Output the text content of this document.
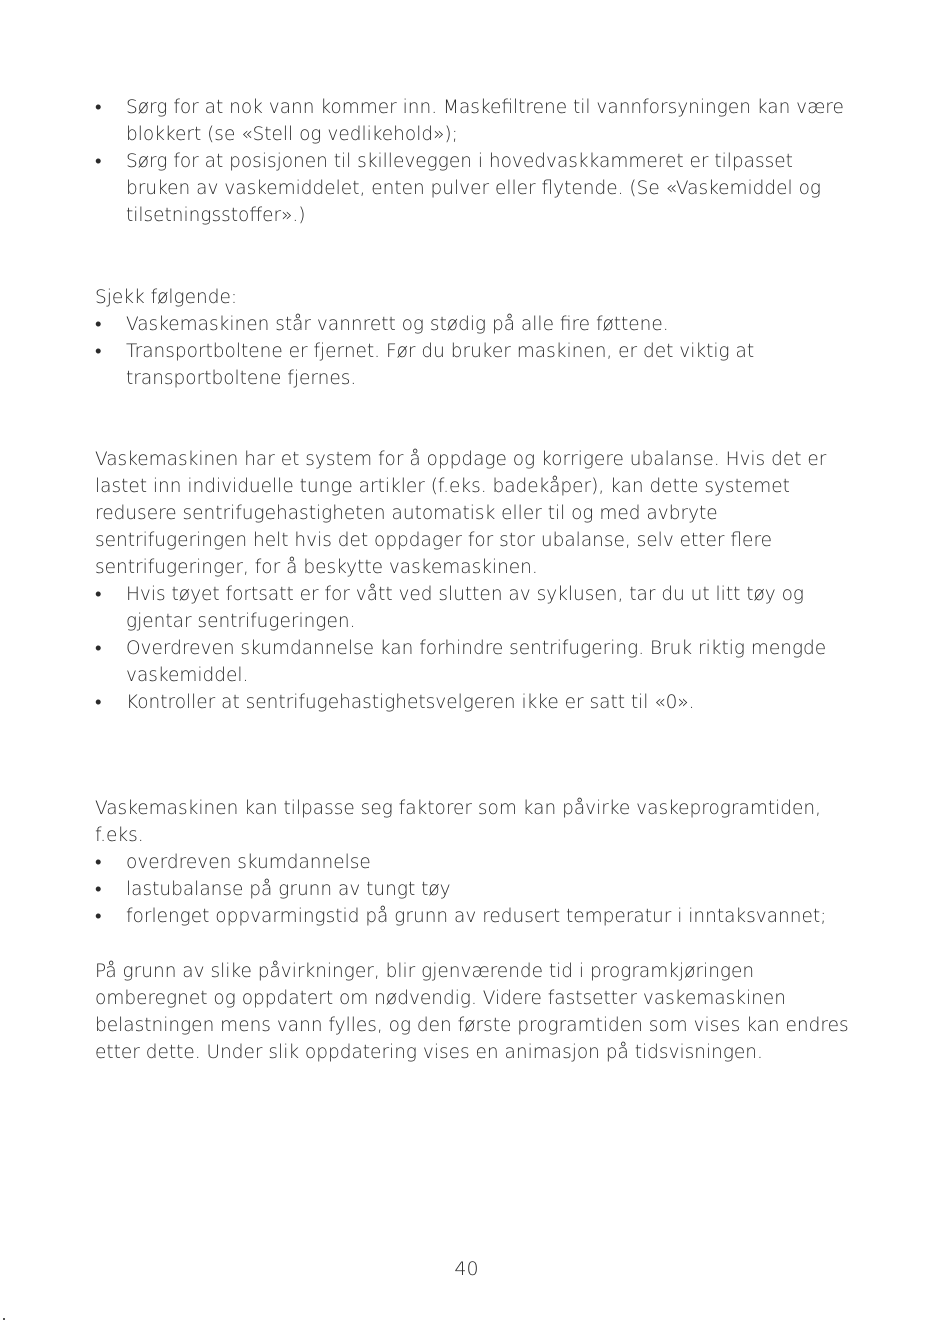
• Sørg for at nok vann kommer inn. Maskefiltrene til vannforsyningen kan være
blokkert (se «Stell og vedlikehold»);
• Sørg for at posisjonen til skilleveggen i hovedvaskkammeret er tilpasset
bruken av vaskemiddelet, enten pulver eller flytende. (Se «Vaskemiddel og
tilsetningsstoffer».)

Sjekk følgende:

• Vaskemaskinen står vannrett og stødig på alle fire føttene.
• Transportboltene er fjernet. Før du bruker maskinen, er det viktig at
transportboltene fjernes.

Vaskemaskinen har et system for å oppdage og korrigere ubalanse. Hvis det er
lastet inn individuelle tunge artikler (f.eks. badekåper), kan dette systemet
redusere sentrifugehastigheten automatisk eller til og med avbryte
sentrifugeringen helt hvis det oppdager for stor ubalanse, selv etter flere
sentrifugeringer, for å beskytte vaskemaskinen.

• Hvis tøyet fortsatt er for vått ved slutten av syklusen, tar du ut litt tøy og
gjentar sentrifugeringen.
• Overdreven skumdannelse kan forhindre sentrifugering. Bruk riktig mengde
vaskemiddel.
• Kontroller at sentrifugehastighetsvelgeren ikke er satt til «0».

Vaskemaskinen kan tilpasse seg faktorer som kan påvirke vaskeprogramtiden,
f.eks.

• overdreven skumdannelse
• lastubalanse på grunn av tungt tøy
• forlenget oppvarmingstid på grunn av redusert temperatur i inntaksvannet;

På grunn av slike påvirkninger, blir gjenværende tid i programkjøringen
omberegnet og oppdatert om nødvendig. Videre fastsetter vaskemaskinen
belastningen mens vann fylles, og den første programtiden som vises kan endres
etter dette. Under slik oppdatering vises en animasjon på tidsvisningen.

40
